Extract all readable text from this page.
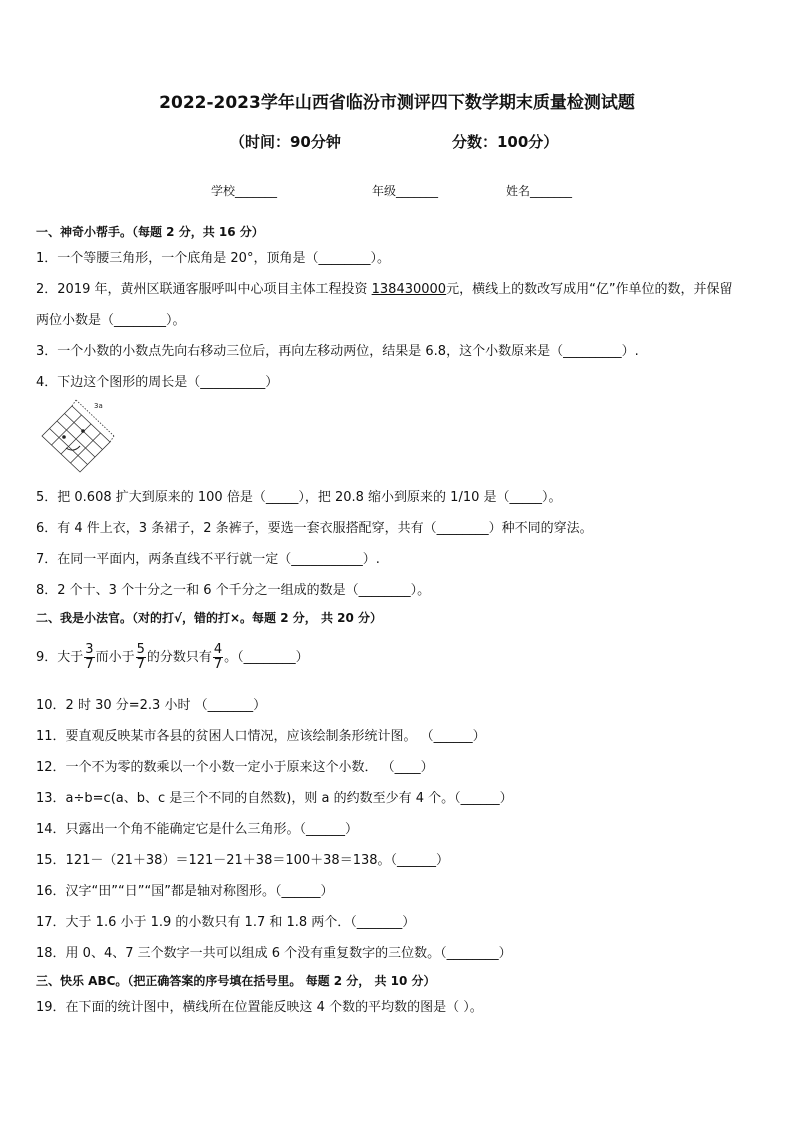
2022-2023学年山西省临汾市测评四下数学期末质量检测试题
（时间：90分钟	分数：100分）
学校_______	年级_______	姓名_______
一、神奇小帮手。（每题 2 分，共 16 分）
1．一个等腰三角形，一个底角是 20°，顶角是（________）。
2．2019 年，黄州区联通客服呼叫中心项目主体工程投资 138430000元，横线上的数改写成用“亿”作单位的数，并保留
两位小数是（________）。
3．一个小数的小数点先向右移动三位后，再向左移动两位，结果是 6.8，这个小数原来是（_________）.
4．下边这个图形的周长是（__________）
3a
5．把 0.608 扩大到原来的 100 倍是（_____），把 20.8 缩小到原来的 1/10 是（_____）。
6．有 4 件上衣，3 条裙子，2 条裤子，要选一套衣服搭配穿，共有（________）种不同的穿法。
7．在同一平面内，两条直线不平行就一定（___________）.
8．2 个十、3 个十分之一和 6 个千分之一组成的数是（________）。
二、我是小法官。（对的打√，错的打×。每题 2 分， 共 20 分）
9．大于 $\frac{3}{7}$ 而小于 $\frac{5}{7}$ 的分数只有 $\frac{4}{7}$ 。（________）
10．2 时 30 分=2.3 小时 （_______）
11．要直观反映某市各县的贫困人口情况，应该绘制条形统计图。 （______）
12．一个不为零的数乘以一个小数一定小于原来这个小数． （____）
13．a÷b=c(a、b、c 是三个不同的自然数)，则 a 的约数至少有 4 个。（______）
14．只露出一个角不能确定它是什么三角形。（______）
15．121－（21＋38）＝121－21＋38＝100＋38＝138。（______）
16．汉字“田”“日”“国”都是轴对称图形。（______）
17．大于 1.6 小于 1.9 的小数只有 1.7 和 1.8 两个．（_______）
18．用 0、4、7 三个数字一共可以组成 6 个没有重复数字的三位数。（________）
三、快乐 ABC。（把正确答案的序号填在括号里。 每题 2 分， 共 10 分）
19．在下面的统计图中，横线所在位置能反映这 4 个数的平均数的图是（ ）。
